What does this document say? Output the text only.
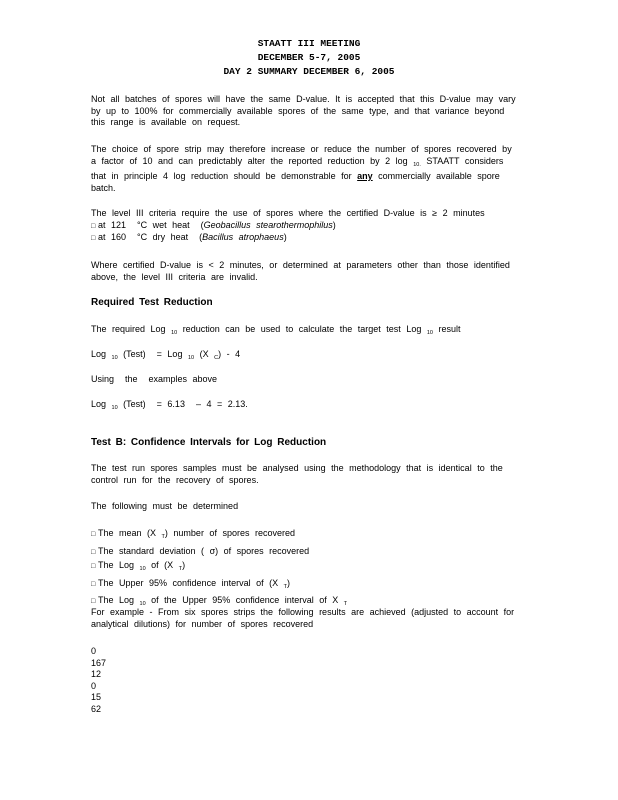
STAATT III MEETING
DECEMBER 5-7, 2005
DAY 2 SUMMARY DECEMBER 6, 2005
Not all batches of spores will have the same D-value. It is accepted that this D-value may vary by up to 100% for commercially available spores of the same type, and that variance beyond this range is available on request.
The choice of spore strip may therefore increase or reduce the number of spores recovered by a factor of 10 and can predictably alter the reported reduction by 2 log $_{10.}$ STAATT considers that in principle 4 log reduction should be demonstrable for any commercially available spore batch.
The level III criteria require the use of spores where the certified D-value is ≥ 2 minutes
□ at 121  °C wet heat  (Geobacillus stearothermophilus)
□ at 160  °C dry heat  (Bacillus atrophaeus)
Where certified D-value is < 2 minutes, or determined at parameters other than those identified above, the level III criteria are invalid.
Required Test Reduction
The required Log $_{10}$ reduction can be used to calculate the target test Log $_{10}$ result
Log $_{10}$ (Test)  = Log $_{10}$ (X $_C$) - 4
Using  the  examples above
Log $_{10}$ (Test)  = 6.13  – 4 = 2.13.
Test B: Confidence Intervals for Log Reduction
The test run spores samples must be analysed using the methodology that is identical to the control run for the recovery of spores.
The following must be determined
□ The mean (X $_T$) number of spores recovered
□ The standard deviation ( σ) of spores recovered
□ The Log $_{10}$ of (X $_T$)
□ The Upper 95% confidence interval of (X $_T$)
□ The Log $_{10}$ of the Upper 95% confidence interval of X $_T$
For example - From six spores strips the following results are achieved (adjusted to account for analytical dilutions) for number of spores recovered
0
167
12
0
15
62
